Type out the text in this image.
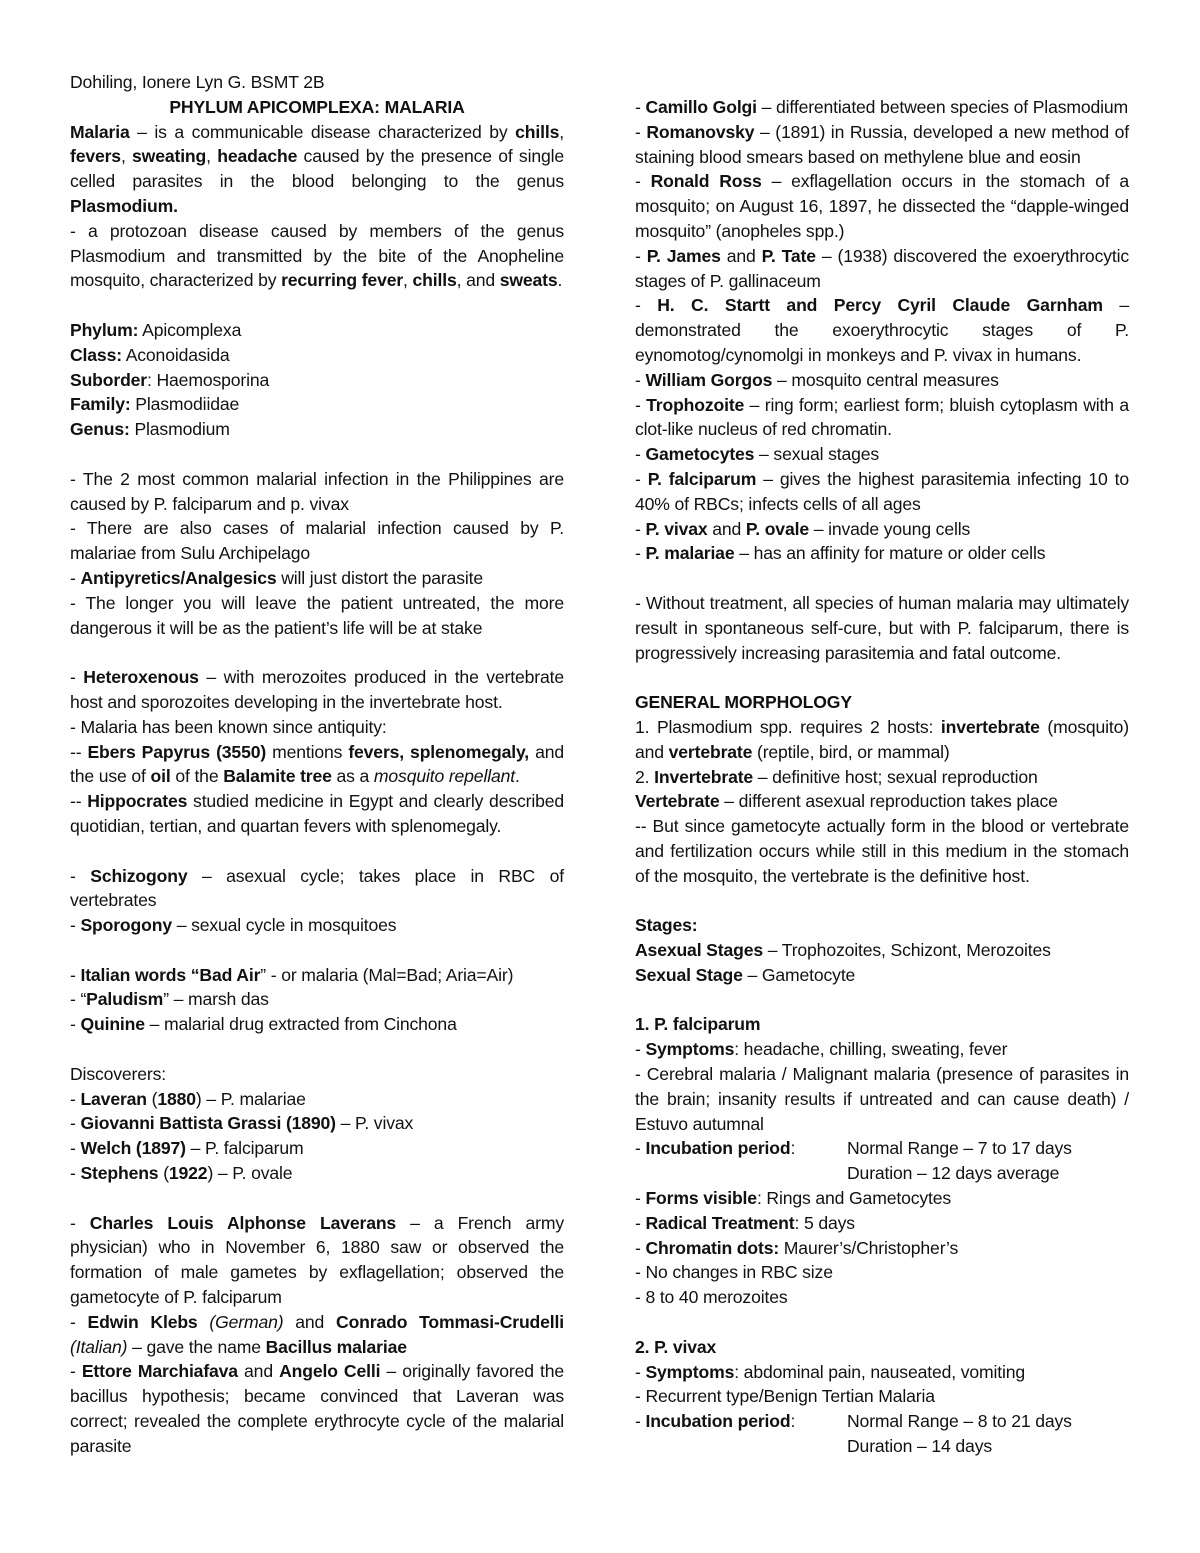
Dohiling, Ionere Lyn G. BSMT 2B

PHYLUM APICOMPLEXA: MALARIA

Malaria – is a communicable disease characterized by chills, fevers, sweating, headache caused by the presence of single celled parasites in the blood belonging to the genus Plasmodium.

- a protozoan disease caused by members of the genus Plasmodium and transmitted by the bite of the Anopheline mosquito, characterized by recurring fever, chills, and sweats.

Phylum: Apicomplexa

Class: Aconoidasida

Suborder: Haemosporina

Family: Plasmodiidae

Genus: Plasmodium

- The 2 most common malarial infection in the Philippines are caused by P. falciparum and p. vivax

- There are also cases of malarial infection caused by P. malariae from Sulu Archipelago

- Antipyretics/Analgesics will just distort the parasite

- The longer you will leave the patient untreated, the more dangerous it will be as the patient’s life will be at stake

- Heteroxenous – with merozoites produced in the vertebrate host and sporozoites developing in the invertebrate host.

- Malaria has been known since antiquity:

-- Ebers Papyrus (3550) mentions fevers, splenomegaly, and the use of oil of the Balamite tree as a mosquito repellant.

-- Hippocrates studied medicine in Egypt and clearly described quotidian, tertian, and quartan fevers with splenomegaly.

- Schizogony – asexual cycle; takes place in RBC of vertebrates

- Sporogony – sexual cycle in mosquitoes

- Italian words “Bad Air” - or malaria (Mal=Bad; Aria=Air)

- “Paludism” – marsh das

- Quinine – malarial drug extracted from Cinchona

Discoverers:

- Laveran (1880) – P. malariae

- Giovanni Battista Grassi (1890) – P. vivax

- Welch (1897) – P. falciparum

- Stephens (1922) – P. ovale

- Charles Louis Alphonse Laverans – a French army physician) who in November 6, 1880 saw or observed the formation of male gametes by exflagellation; observed the gametocyte of P. falciparum

- Edwin Klebs (German) and Conrado Tommasi-Crudelli (Italian) – gave the name Bacillus malariae

- Ettore Marchiafava and Angelo Celli – originally favored the bacillus hypothesis; became convinced that Laveran was correct; revealed the complete erythrocyte cycle of the malarial parasite

- Camillo Golgi – differentiated between species of Plasmodium

- Romanovsky – (1891) in Russia, developed a new method of staining blood smears based on methylene blue and eosin

- Ronald Ross – exflagellation occurs in the stomach of a mosquito; on August 16, 1897, he dissected the “dapple-winged mosquito” (anopheles spp.)

- P. James and P. Tate – (1938) discovered the exoerythrocytic stages of P. gallinaceum

- H. C. Startt and Percy Cyril Claude Garnham – demonstrated the exoerythrocytic stages of P. eynomotog/cynomolgi in monkeys and P. vivax in humans.

- William Gorgos – mosquito central measures

- Trophozoite – ring form; earliest form; bluish cytoplasm with a clot-like nucleus of red chromatin.

- Gametocytes – sexual stages

- P. falciparum – gives the highest parasitemia infecting 10 to 40% of RBCs; infects cells of all ages

- P. vivax and P. ovale – invade young cells

- P. malariae – has an affinity for mature or older cells

- Without treatment, all species of human malaria may ultimately result in spontaneous self-cure, but with P. falciparum, there is progressively increasing parasitemia and fatal outcome.

GENERAL MORPHOLOGY

1. Plasmodium spp. requires 2 hosts: invertebrate (mosquito) and vertebrate (reptile, bird, or mammal)

2. Invertebrate – definitive host; sexual reproduction

Vertebrate – different asexual reproduction takes place

-- But since gametocyte actually form in the blood or vertebrate and fertilization occurs while still in this medium in the stomach of the mosquito, the vertebrate is the definitive host.

Stages:

Asexual Stages – Trophozoites, Schizont, Merozoites

Sexual Stage – Gametocyte

1. P. falciparum

- Symptoms: headache, chilling, sweating, fever

- Cerebral malaria / Malignant malaria (presence of parasites in the brain; insanity results if untreated and can cause death) / Estuvo autumnal

- Incubation period:	Normal Range – 7 to 17 days

Duration – 12 days average

- Forms visible: Rings and Gametocytes

- Radical Treatment: 5 days

- Chromatin dots: Maurer’s/Christopher’s

- No changes in RBC size

- 8 to 40 merozoites

2. P. vivax

- Symptoms: abdominal pain, nauseated, vomiting

- Recurrent type/Benign Tertian Malaria

- Incubation period:	Normal Range – 8 to 21 days

Duration – 14 days
